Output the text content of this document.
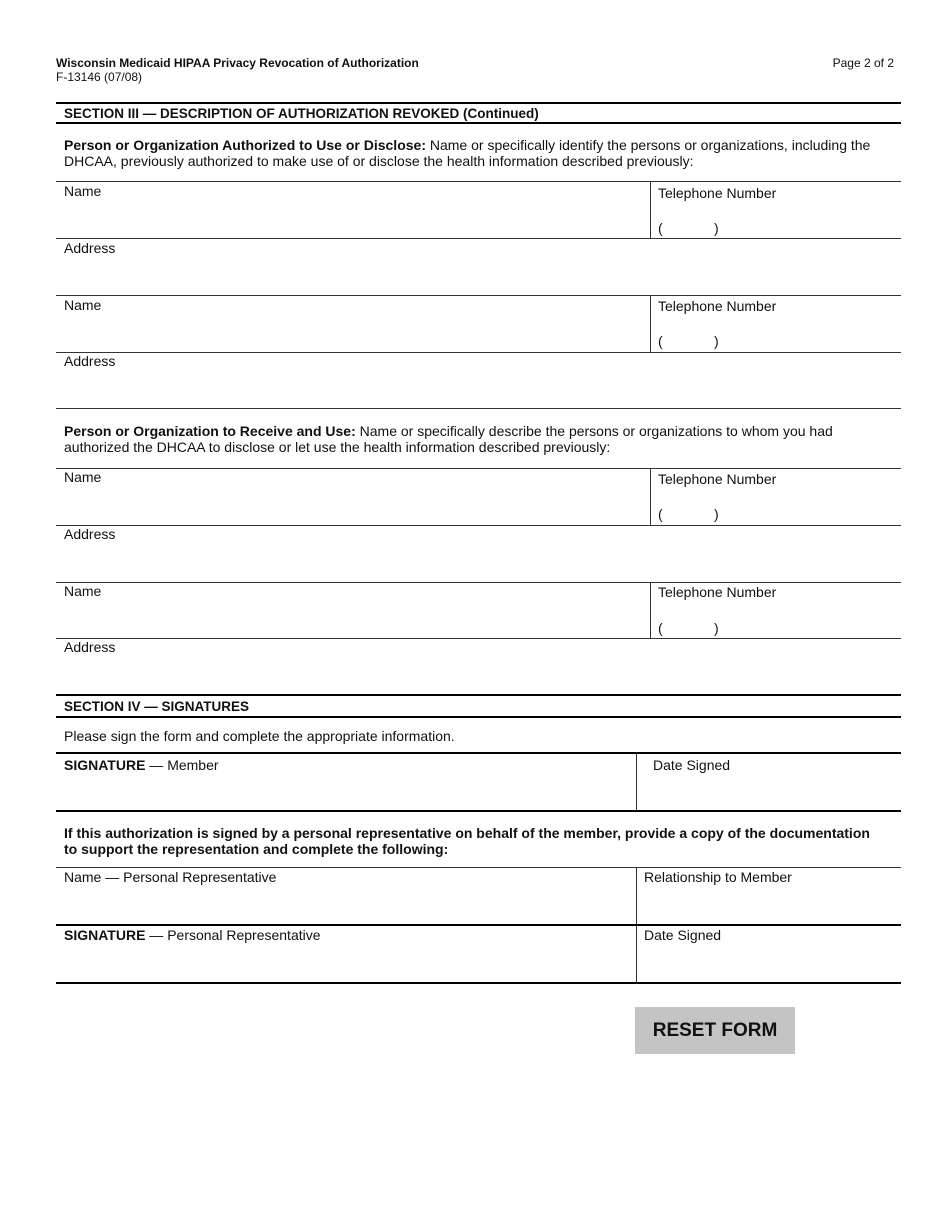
Wisconsin Medicaid HIPAA Privacy Revocation of Authorization
F-13146 (07/08)
Page 2 of 2
SECTION III — DESCRIPTION OF AUTHORIZATION REVOKED (Continued)
Person or Organization Authorized to Use or Disclose: Name or specifically identify the persons or organizations, including the DHCAA, previously authorized to make use of or disclose the health information described previously:
Name	Telephone Number
(	)
Address
Name	Telephone Number
(	)
Address
Person or Organization to Receive and Use: Name or specifically describe the persons or organizations to whom you had authorized the DHCAA to disclose or let use the health information described previously:
Name	Telephone Number
(	)
Address
Name	Telephone Number
(	)
Address
SECTION IV — SIGNATURES
Please sign the form and complete the appropriate information.
SIGNATURE — Member	Date Signed
If this authorization is signed by a personal representative on behalf of the member, provide a copy of the documentation to support the representation and complete the following:
Name — Personal Representative	Relationship to Member
SIGNATURE — Personal Representative	Date Signed
RESET FORM
